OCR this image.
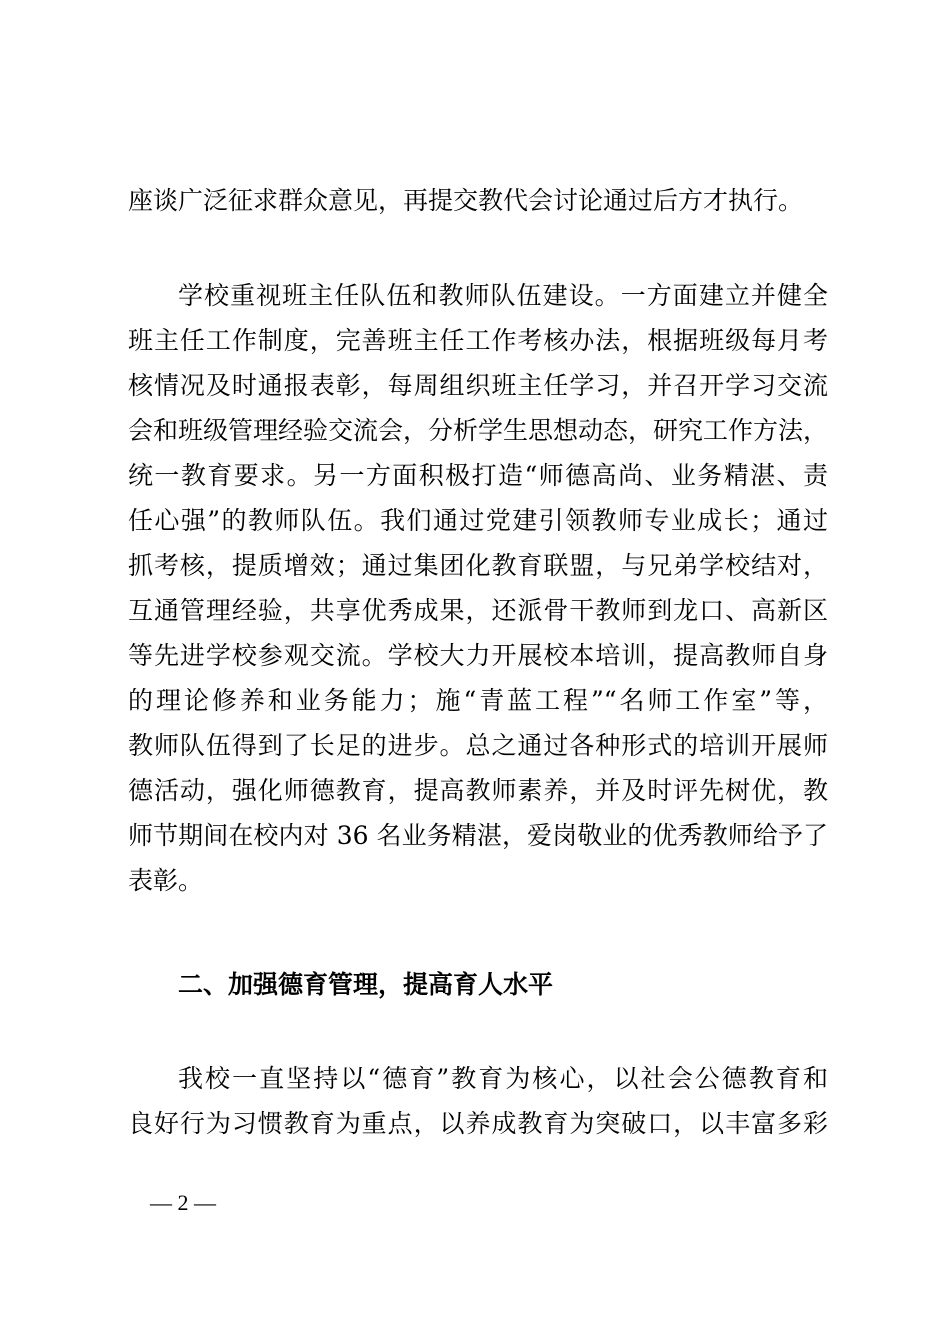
座谈广泛征求群众意见，再提交教代会讨论通过后方才执行。
学校重视班主任队伍和教师队伍建设。一方面建立并健全
班主任工作制度，完善班主任工作考核办法，根据班级每月考
核情况及时通报表彰，每周组织班主任学习，并召开学习交流
会和班级管理经验交流会，分析学生思想动态，研究工作方法，
统一教育要求。另一方面积极打造“师德高尚、业务精湛、责
任心强”的教师队伍。我们通过党建引领教师专业成长；通过
抓考核，提质增效；通过集团化教育联盟，与兄弟学校结对，
互通管理经验，共享优秀成果，还派骨干教师到龙口、高新区
等先进学校参观交流。学校大力开展校本培训，提高教师自身
的理论修养和业务能力；施“青蓝工程”“名师工作室”等，
教师队伍得到了长足的进步。总之通过各种形式的培训开展师
德活动，强化师德教育，提高教师素养，并及时评先树优，教
师节期间在校内对 36 名业务精湛，爱岗敬业的优秀教师给予了
表彰。
二、加强德育管理，提高育人水平
我校一直坚持以“德育”教育为核心，以社会公德教育和
良好行为习惯教育为重点，以养成教育为突破口，以丰富多彩
— 2 —
